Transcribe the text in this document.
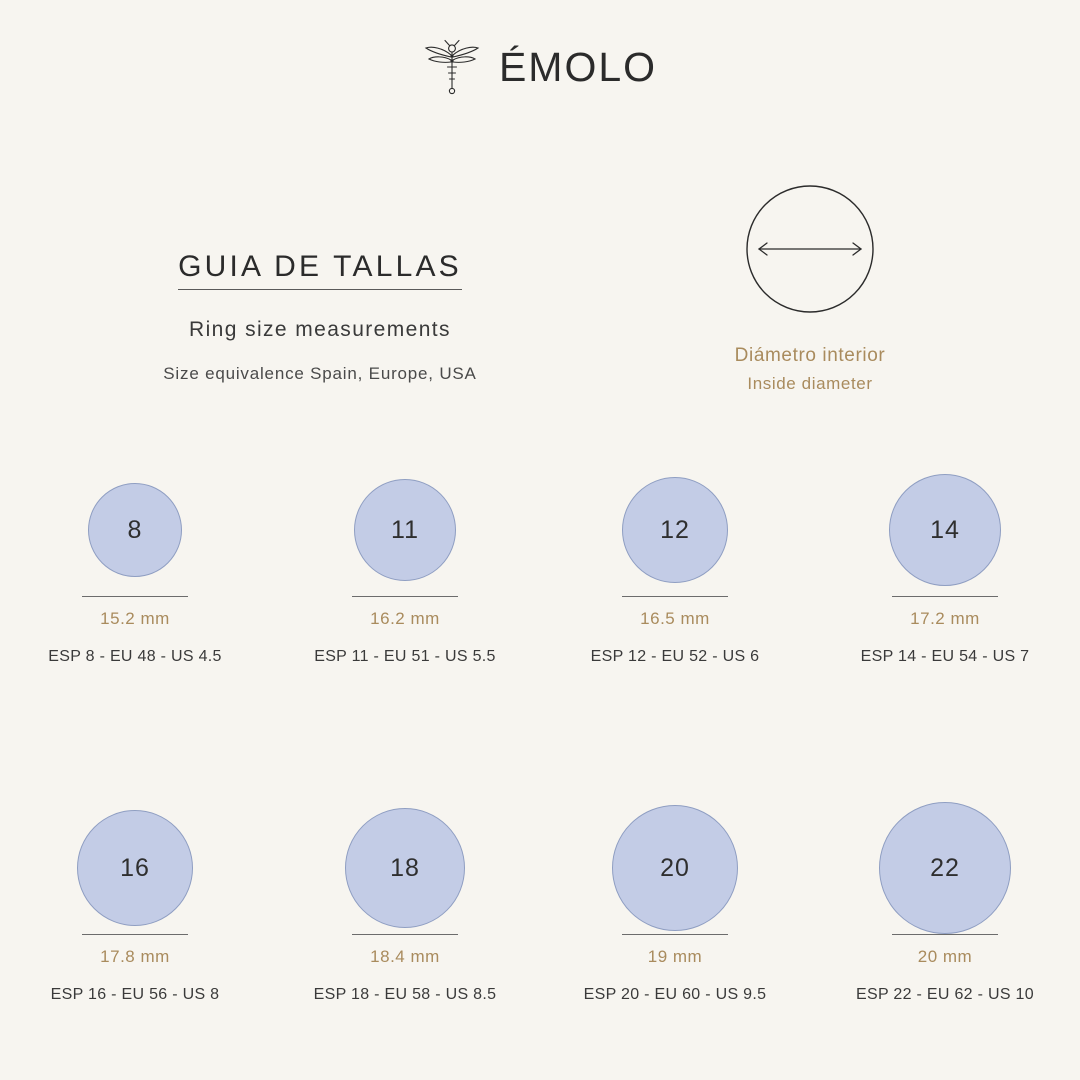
ÉMOLO
GUIA DE TALLAS

Ring size measurements

Size equivalence Spain, Europe, USA

Diámetro interior

Inside diameter

8
15.2 mm
ESP 8 - EU 48 - US 4.5
11
16.2 mm
ESP 11 - EU 51 - US 5.5
12
16.5 mm
ESP 12 - EU 52 - US 6
14
17.2 mm
ESP 14 - EU 54 - US 7
16
17.8 mm
ESP 16 - EU 56 - US 8
18
18.4 mm
ESP 18 - EU 58 - US 8.5
20
19 mm
ESP 20 - EU 60 - US 9.5
22
20 mm
ESP 22 - EU 62 - US 10
